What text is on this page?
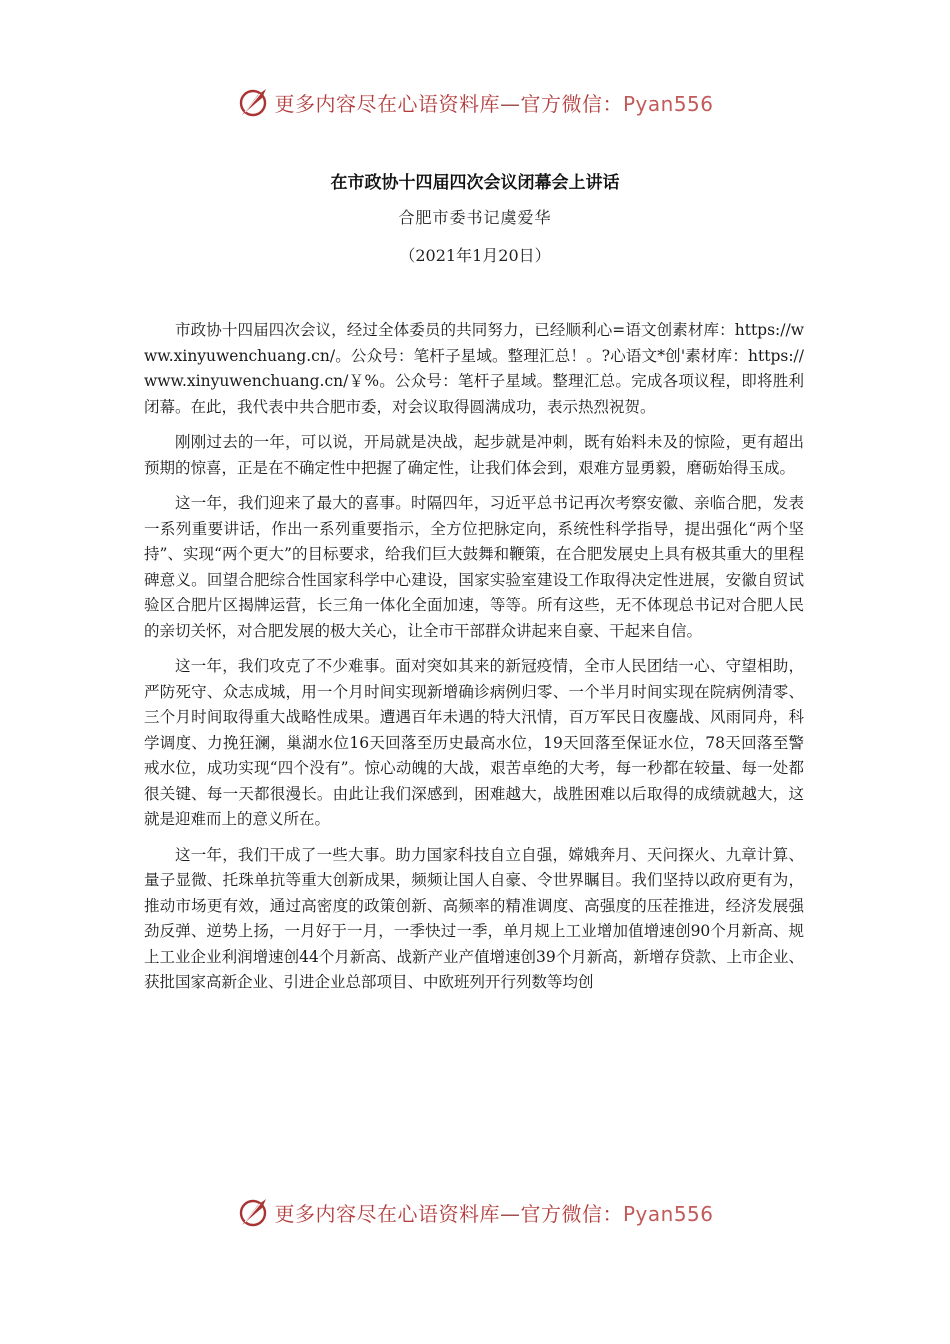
更多内容尽在心语资料库—官方微信：Pyan556
在市政协十四届四次会议闭幕会上讲话

合肥市委书记虞爱华

（2021年1月20日）

市政协十四届四次会议，经过全体委员的共同努力，已经顺利心=语文创素材库：https://www.xinyuwenchuang.cn/。公众号：笔杆子星域。整理汇总！。?心语文*创'素材库：https://www.xinyuwenchuang.cn/￥%。公众号：笔杆子星域。整理汇总。完成各项议程，即将胜利闭幕。在此，我代表中共合肥市委，对会议取得圆满成功，表示热烈祝贺。

刚刚过去的一年，可以说，开局就是决战，起步就是冲刺，既有始料未及的惊险，更有超出预期的惊喜，正是在不确定性中把握了确定性，让我们体会到，艰难方显勇毅，磨砺始得玉成。

这一年，我们迎来了最大的喜事。时隔四年，习近平总书记再次考察安徽、亲临合肥，发表一系列重要讲话，作出一系列重要指示，全方位把脉定向，系统性科学指导，提出强化“两个坚持”、实现“两个更大”的目标要求，给我们巨大鼓舞和鞭策，在合肥发展史上具有极其重大的里程碑意义。回望合肥综合性国家科学中心建设，国家实验室建设工作取得决定性进展，安徽自贸试验区合肥片区揭牌运营，长三角一体化全面加速，等等。所有这些，无不体现总书记对合肥人民的亲切关怀，对合肥发展的极大关心，让全市干部群众讲起来自豪、干起来自信。

这一年，我们攻克了不少难事。面对突如其来的新冠疫情，全市人民团结一心、守望相助，严防死守、众志成城，用一个月时间实现新增确诊病例归零、一个半月时间实现在院病例清零、三个月时间取得重大战略性成果。遭遇百年未遇的特大汛情，百万军民日夜鏖战、风雨同舟，科学调度、力挽狂澜，巢湖水位16天回落至历史最高水位，19天回落至保证水位，78天回落至警戒水位，成功实现“四个没有”。惊心动魄的大战，艰苦卓绝的大考，每一秒都在较量、每一处都很关键、每一天都很漫长。由此让我们深感到，困难越大，战胜困难以后取得的成绩就越大，这就是迎难而上的意义所在。

这一年，我们干成了一些大事。助力国家科技自立自强，嫦娥奔月、天问探火、九章计算、量子显微、托珠单抗等重大创新成果，频频让国人自豪、令世界瞩目。我们坚持以政府更有为，推动市场更有效，通过高密度的政策创新、高频率的精准调度、高强度的压茬推进，经济发展强劲反弹、逆势上扬，一月好于一月，一季快过一季，单月规上工业增加值增速创90个月新高、规上工业企业利润增速创44个月新高、战新产业产值增速创39个月新高，新增存贷款、上市企业、获批国家高新企业、引进企业总部项目、中欧班列开行列数等均创

更多内容尽在心语资料库—官方微信：Pyan556
